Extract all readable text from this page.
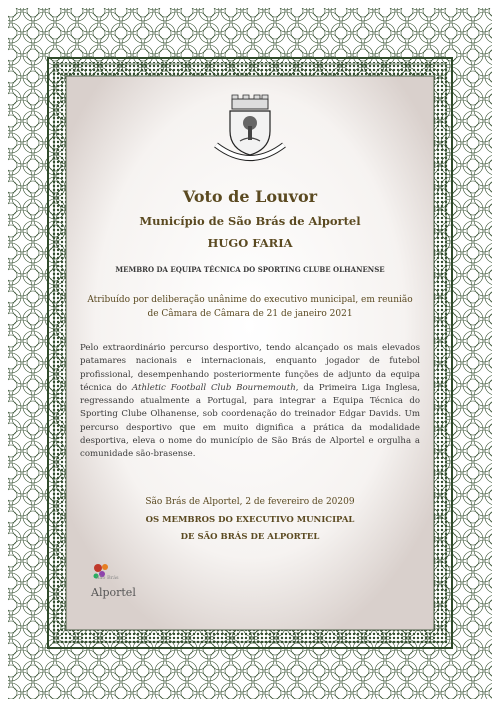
Voto de Louvor
Município de São Brás de Alportel
HUGO FARIA
MEMBRO DA EQUIPA TÉCNICA DO SPORTING CLUBE OLHANENSE
Atribuído por deliberação unânime do executivo municipal, em reunião de Câmara de Câmara de 21 de janeiro 2021
Pelo extraordinário percurso desportivo, tendo alcançado os mais elevados patamares nacionais e internacionais, enquanto jogador de futebol profissional, desempenhando posteriormente funções de adjunto da equipa técnica do Athletic Football Club Bournemouth, da Primeira Liga Inglesa, regressando atualmente a Portugal, para integrar a Equipa Técnica do Sporting Clube Olhanense, sob coordenação do treinador Edgar Davids. Um percurso desportivo que em muito dignifica a prática da modalidade desportiva, eleva o nome do município de São Brás de Alportel e orgulha a comunidade são-brasense.
São Brás de Alportel, 2 de fevereiro de 20209
OS MEMBROS DO EXECUTIVO MUNICIPAL
DE SÃO BRÁS DE ALPORTEL
São Brás
Alportel
